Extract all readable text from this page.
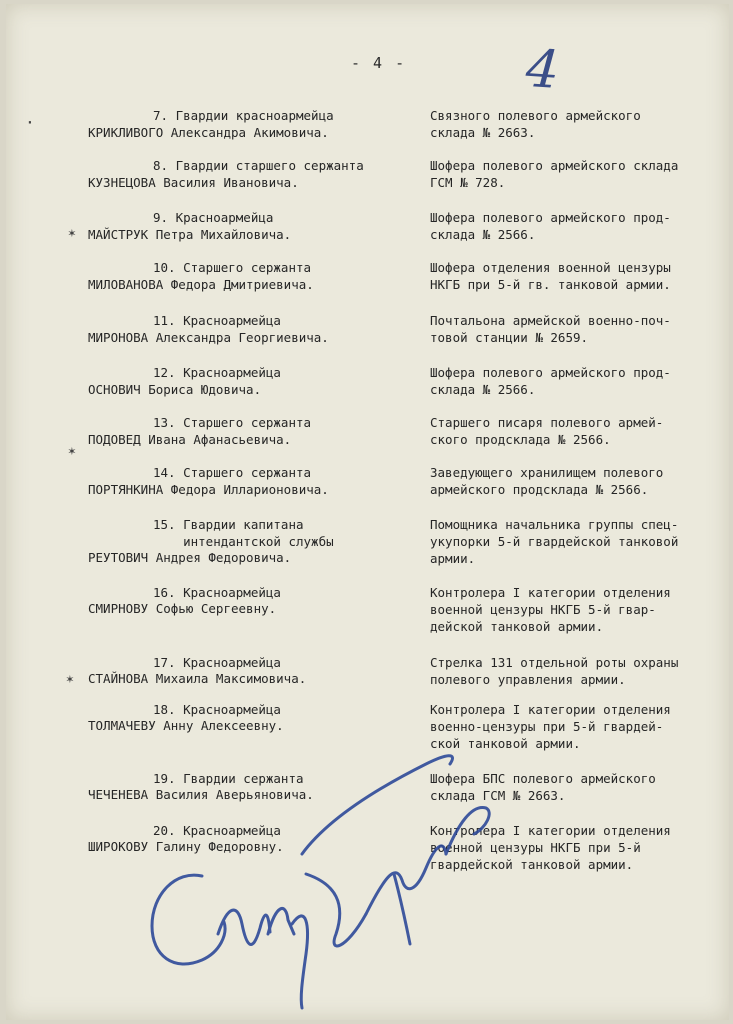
- 4 - 4
·
✶
✶
✶
7. Гвардии красноармейца
КРИКЛИВОГО Александра Акимовича.
Связного полевого армейского
склада № 2663.
8. Гвардии старшего сержанта
КУЗНЕЦОВА Василия Ивановича.
Шофера полевого армейского склада
ГСМ № 728.
9. Красноармейца
МАЙСТРУК Петра Михайловича.
Шофера полевого армейского прод-
склада № 2566.
10. Старшего сержанта
МИЛОВАНОВА Федора Дмитриевича.
Шофера отделения военной цензуры
НКГБ при 5-й гв. танковой армии.
11. Красноармейца
МИРОНОВА Александра Георгиевича.
Почтальона армейской военно-поч-
товой станции № 2659.
12. Красноармейца
ОСНОВИЧ Бориса Юдовича.
Шофера полевого армейского прод-
склада № 2566.
13. Старшего сержанта
ПОДОВЕД Ивана Афанасьевича.
Старшего писаря полевого армей-
ского продсклада № 2566.
14. Старшего сержанта
ПОРТЯНКИНА Федора Илларионовича.
Заведующего хранилищем полевого
армейского продсклада № 2566.
15. Гвардии капитана
интендантской службы
РЕУТОВИЧ Андрея Федоровича.
Помощника начальника группы спец-
укупорки 5-й гвардейской танковой
армии.
16. Красноармейца
СМИРНОВУ Софью Сергеевну.
Контролера I категории отделения
военной цензуры НКГБ 5-й гвар-
дейской танковой армии.
17. Красноармейца
СТАЙНОВА Михаила Максимовича.
Стрелка 131 отдельной роты охраны
полевого управления армии.
18. Красноармейца
ТОЛМАЧЕВУ Анну Алексеевну.
Контролера I категории отделения
военно-цензуры при 5-й гвардей-
ской танковой армии.
19. Гвардии сержанта
ЧЕЧЕНЕВА Василия Аверьяновича.
Шофера БПС полевого армейского
склада ГСМ № 2663.
20. Красноармейца
ШИРОКОВУ Галину Федоровну.
Контролера I категории отделения
военной цензуры НКГБ при 5-й
гвардейской танковой армии.
